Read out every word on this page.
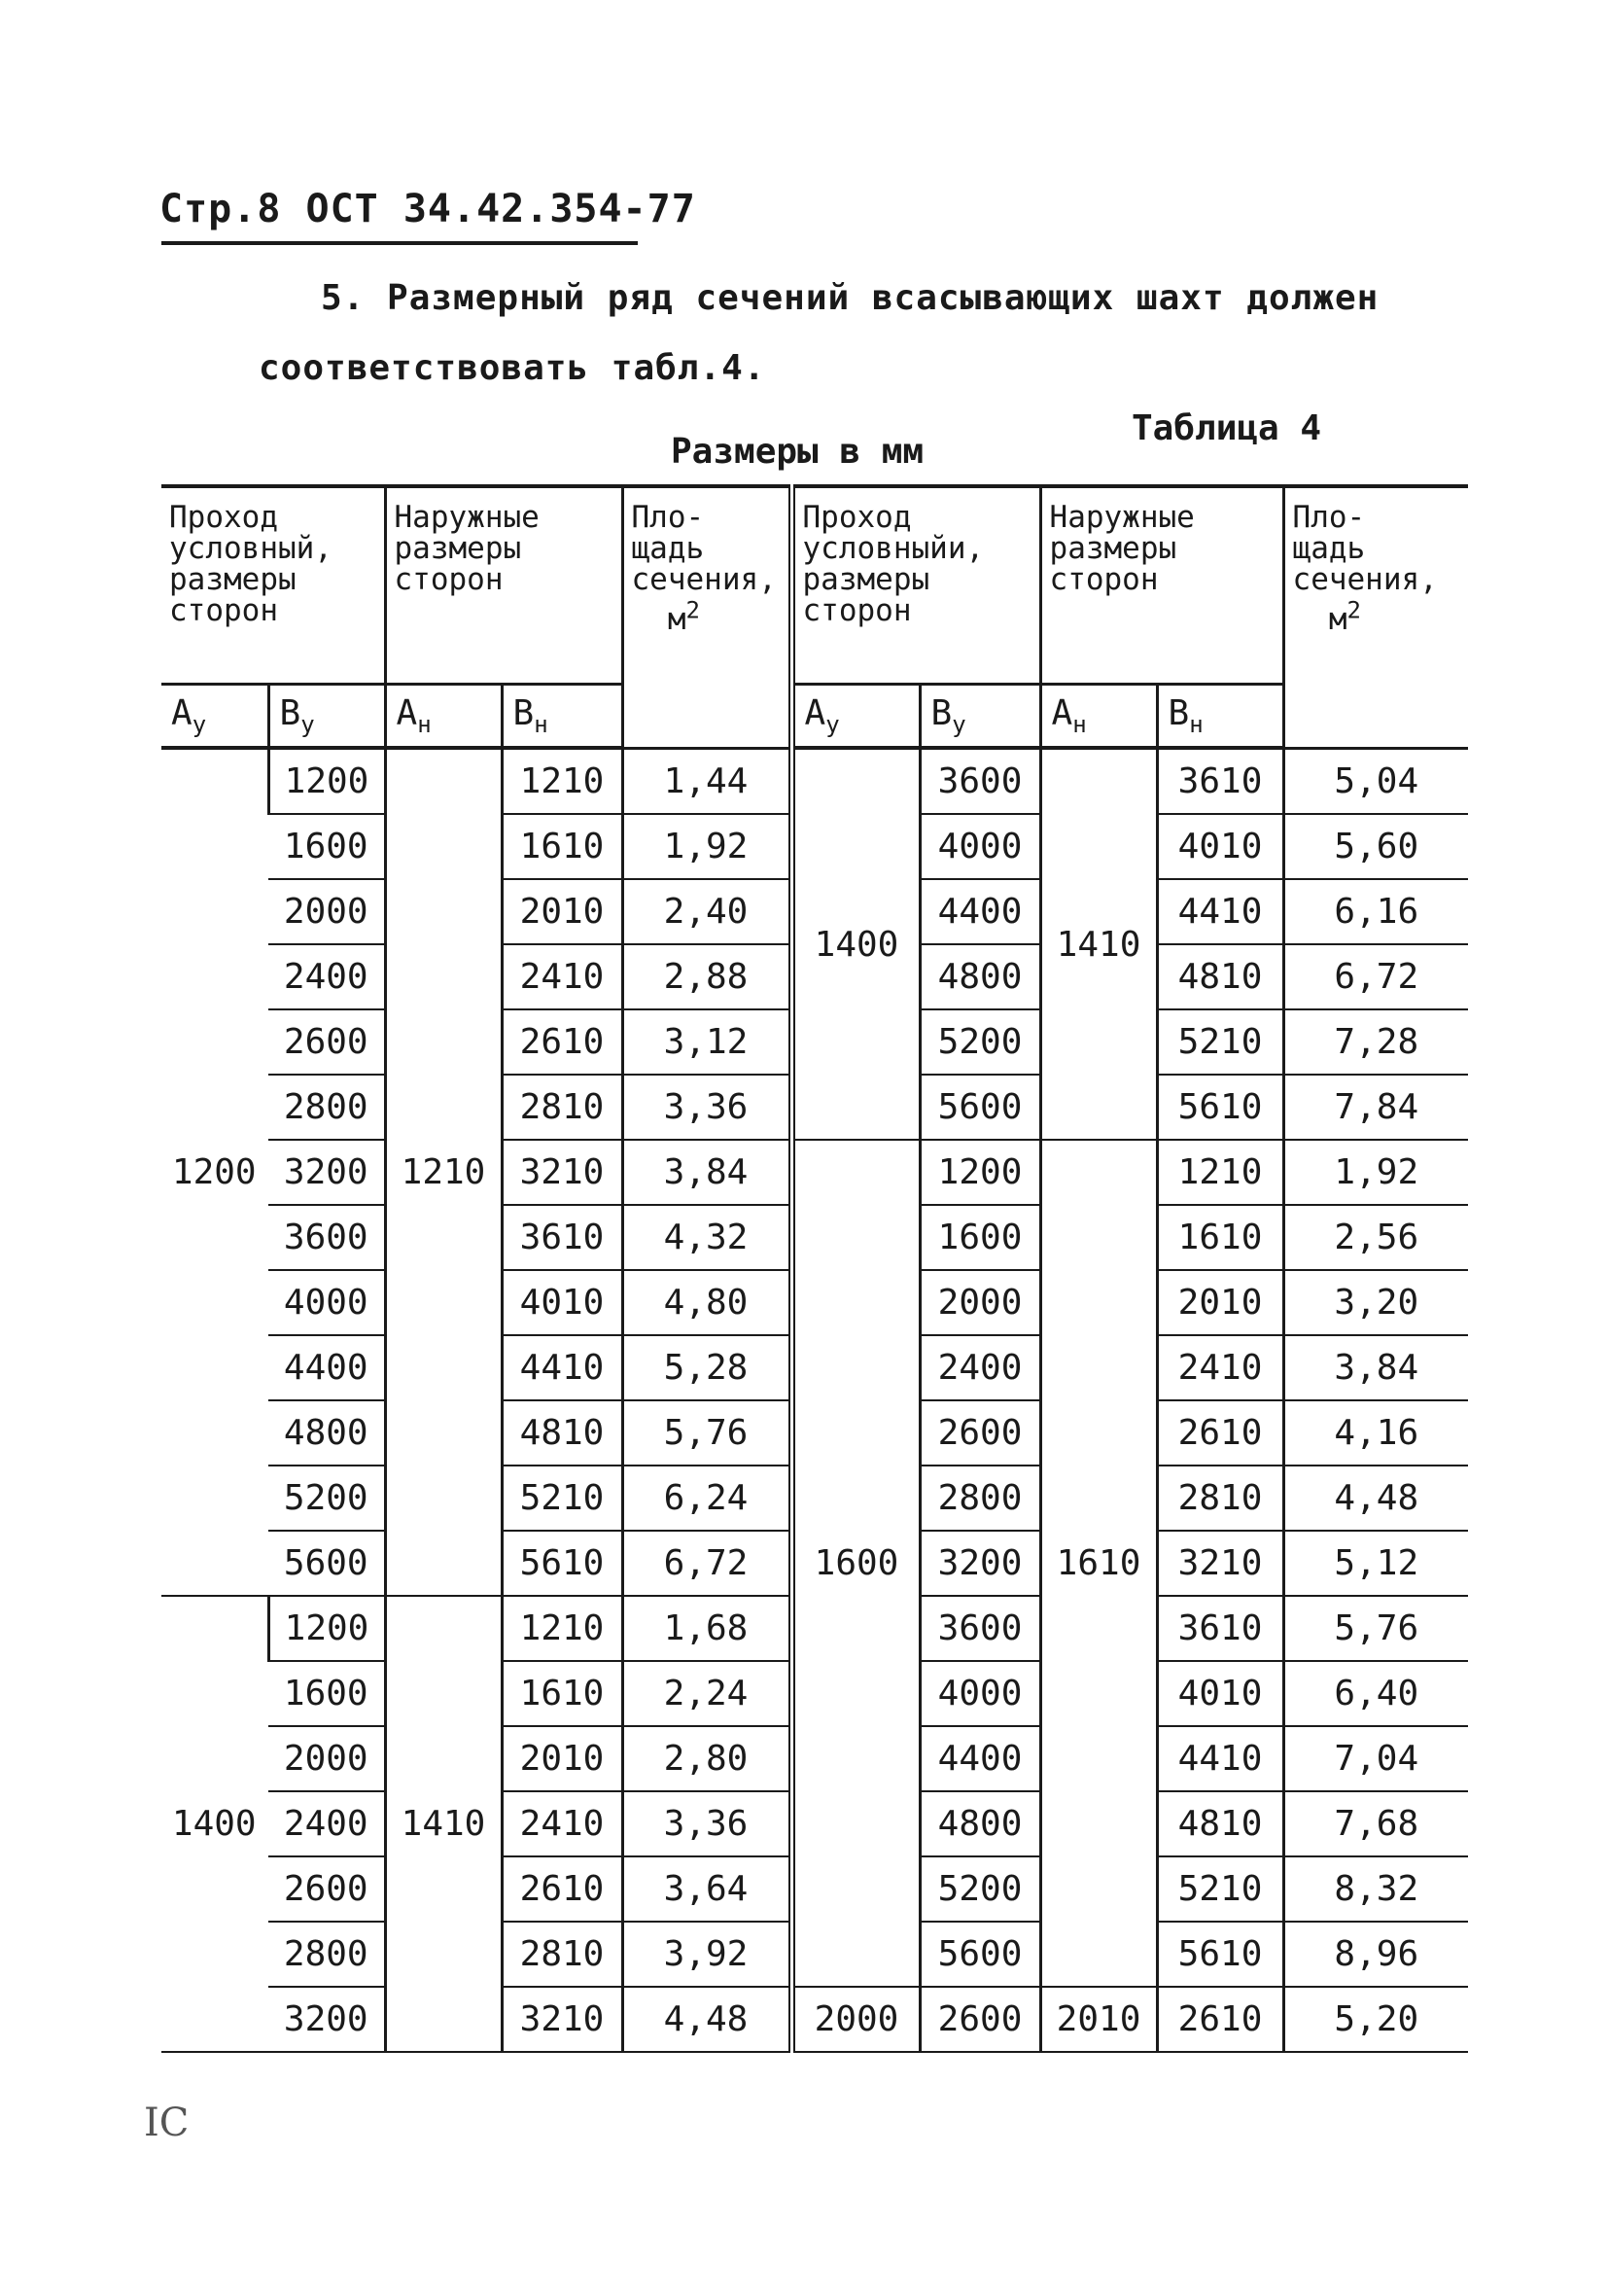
Стр.8 ОСТ 34.42.354-77
5. Размерный ряд сечений всасывающих шахт должен
соответствовать табл.4.
Таблица 4
Размеры в мм
Проход
условный,
размеры
сторон		Наружные
размеры
сторон		Пло-
щадь
сечения,
$м^2$	Проход
условныйи,
размеры
сторон		Наружные
размеры
сторон		Пло-
щадь
сечения,
$м^2$
$A_у$	$B_у$	$A_н$	$B_н$		$A_у$	$B_у$	$A_н$	$B_н$
1200	1200	1210	1210	1,44	1400	3600	1410	3610	5,04
	1600		1610	1,92		4000		4010	5,60
	2000		2010	2,40		4400		4410	6,16
	2400		2410	2,88		4800		4810	6,72
	2600		2610	3,12		5200		5210	7,28
	2800		2810	3,36		5600		5610	7,84
	3200		3210	3,84	1600	1200	1610	1210	1,92
	3600		3610	4,32		1600		1610	2,56
	4000		4010	4,80		2000		2010	3,20
	4400		4410	5,28		2400		2410	3,84
	4800		4810	5,76		2600		2610	4,16
	5200		5210	6,24		2800		2810	4,48
	5600		5610	6,72		3200		3210	5,12
1400	1200	1410	1210	1,68		3600		3610	5,76
	1600		1610	2,24		4000		4010	6,40
	2000		2010	2,80		4400		4410	7,04
	2400		2410	3,36		4800		4810	7,68
	2600		2610	3,64		5200		5210	8,32
	2800		2810	3,92		5600		5610	8,96
	3200		3210	4,48	2000	2600	2010	2610	5,20
IC
